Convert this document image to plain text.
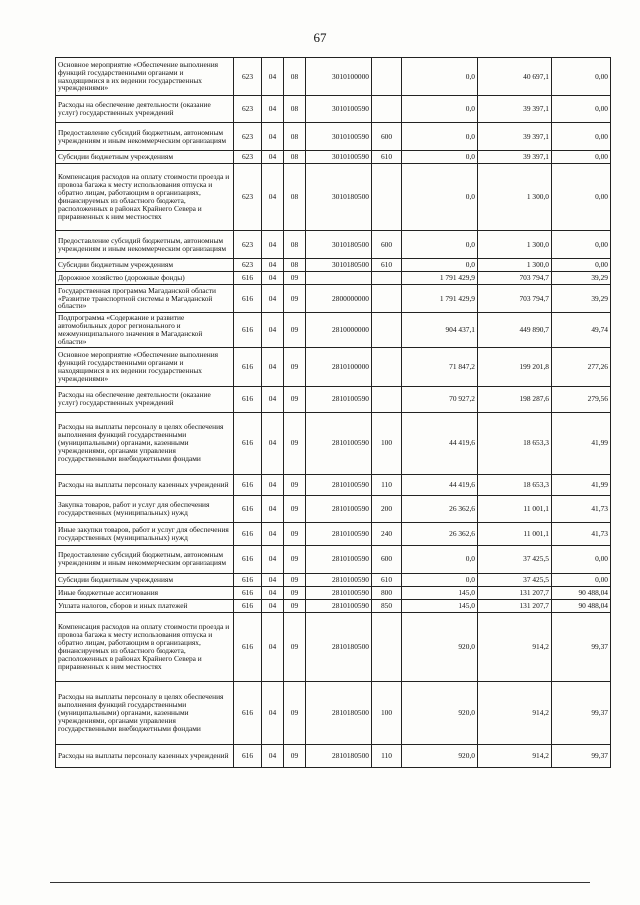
67
Основное мероприятие «Обеспечение выполнения функций государственными органами и находящимися в их ведении государственных учреждениями»	623	04	08	3010100000		0,0	40 697,1	0,00
Расходы на обеспечение деятельности (оказание услуг) государственных учреждений	623	04	08	3010100590		0,0	39 397,1	0,00
Предоставление субсидий бюджетным, автономным учреждениям и иным некоммерческим организациям	623	04	08	3010100590	600	0,0	39 397,1	0,00
Субсидии бюджетным учреждениям	623	04	08	3010100590	610	0,0	39 397,1	0,00
Компенсация расходов на оплату стоимости проезда и провоза багажа к месту использования отпуска и обратно лицам, работающим в организациях, финансируемых из областного бюджета, расположенных в районах Крайнего Севера и приравненных к ним местностях	623	04	08	3010180500		0,0	1 300,0	0,00
Предоставление субсидий бюджетным, автономным учреждениям и иным некоммерческим организациям	623	04	08	3010180500	600	0,0	1 300,0	0,00
Субсидии бюджетным учреждениям	623	04	08	3010180500	610	0,0	1 300,0	0,00
Дорожное хозяйство (дорожные фонды)	616	04	09			1 791 429,9	703 794,7	39,29
Государственная программа Магаданской области «Развитие транспортной системы в Магаданской области»	616	04	09	2800000000		1 791 429,9	703 794,7	39,29
Подпрограмма «Содержание и развитие автомобильных дорог регионального и межмуниципального значения в Магаданской области»	616	04	09	2810000000		904 437,1	449 890,7	49,74
Основное мероприятие «Обеспечение выполнения функций государственными органами и находящимися в их ведении государственных учреждениями»	616	04	09	2810100000		71 847,2	199 201,8	277,26
Расходы на обеспечение деятельности (оказание услуг) государственных учреждений	616	04	09	2810100590		70 927,2	198 287,6	279,56
Расходы на выплаты персоналу в целях обеспечения выполнения функций государственными (муниципальными) органами, казенными учреждениями, органами управления государственными внебюджетными фондами	616	04	09	2810100590	100	44 419,6	18 653,3	41,99
Расходы на выплаты персоналу казенных учреждений	616	04	09	2810100590	110	44 419,6	18 653,3	41,99
Закупка товаров, работ и услуг для обеспечения государственных (муниципальных) нужд	616	04	09	2810100590	200	26 362,6	11 001,1	41,73
Иные закупки товаров, работ и услуг для обеспечения государственных (муниципальных) нужд	616	04	09	2810100590	240	26 362,6	11 001,1	41,73
Предоставление субсидий бюджетным, автономным учреждениям и иным некоммерческим организациям	616	04	09	2810100590	600	0,0	37 425,5	0,00
Субсидии бюджетным учреждениям	616	04	09	2810100590	610	0,0	37 425,5	0,00
Иные бюджетные ассигнования	616	04	09	2810100590	800	145,0	131 207,7	90 488,04
Уплата налогов, сборов и иных платежей	616	04	09	2810100590	850	145,0	131 207,7	90 488,04
Компенсация расходов на оплату стоимости проезда и провоза багажа к месту использования отпуска и обратно лицам, работающим в организациях, финансируемых из областного бюджета, расположенных в районах Крайнего Севера и приравненных к ним местностях	616	04	09	2810180500		920,0	914,2	99,37
Расходы на выплаты персоналу в целях обеспечения выполнения функций государственными (муниципальными) органами, казенными учреждениями, органами управления государственными внебюджетными фондами	616	04	09	2810180500	100	920,0	914,2	99,37
Расходы на выплаты персоналу казенных учреждений	616	04	09	2810180500	110	920,0	914,2	99,37
